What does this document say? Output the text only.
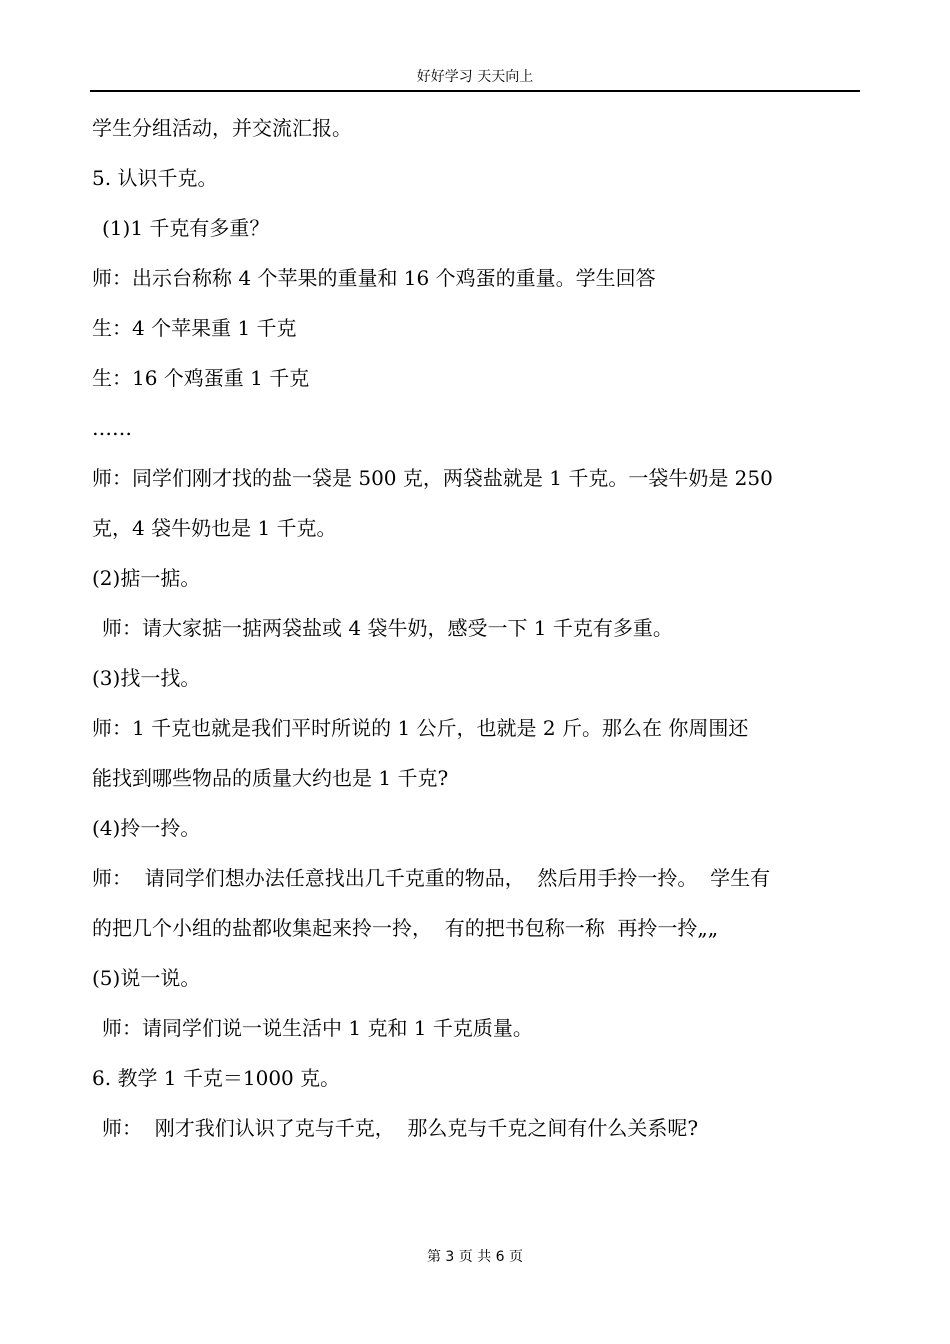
好好学习 天天向上
学生分组活动，并交流汇报。
5. 认识千克。
(1)1 千克有多重？
师：出示台称称 4 个苹果的重量和 16 个鸡蛋的重量。学生回答
生：4 个苹果重 1 千克
生：16 个鸡蛋重 1 千克
……
师：同学们刚才找的盐一袋是 500 克，两袋盐就是 1 千克。一袋牛奶是 250
克，4 袋牛奶也是 1 千克。
(2)掂一掂。
师：请大家掂一掂两袋盐或 4 袋牛奶，感受一下 1 千克有多重。
(3)找一找。
师：1 千克也就是我们平时所说的 1 公斤，也就是 2 斤。那么在 你周围还
能找到哪些物品的质量大约也是 1 千克?
(4)拎一拎。
师：  请同学们想办法任意找出几千克重的物品，  然后用手拎一拎。  学生有
的把几个小组的盐都收集起来拎一拎，  有的把书包称一称  再拎一拎„„
(5)说一说。
师：请同学们说一说生活中 1 克和 1 千克质量。
6. 教学 1 千克＝1000 克。
师：  刚才我们认识了克与千克，  那么克与千克之间有什么关系呢?
第 3 页 共 6 页
